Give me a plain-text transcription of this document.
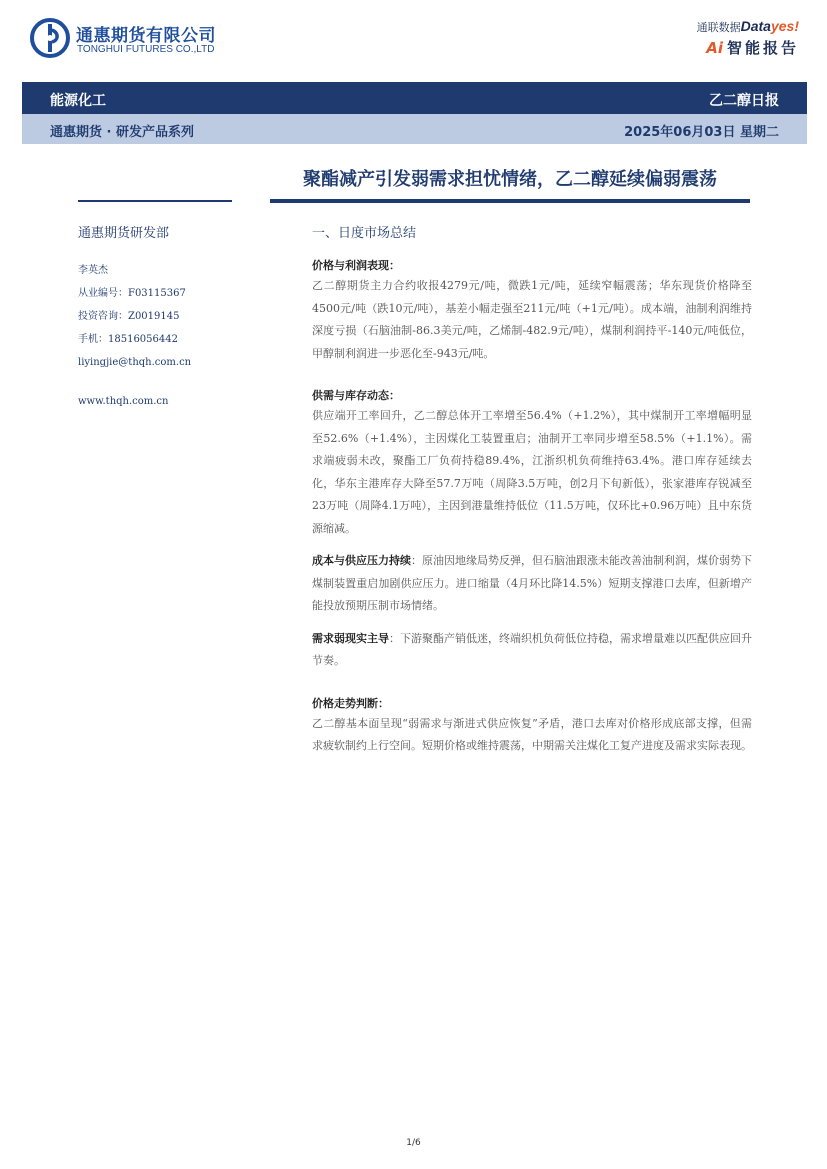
通惠期货有限公司
TONGHUI FUTURES CO.,LTD
通联数据Datayes!
Ai 智能报告
能源化工	乙二醇日报
通惠期货 · 研发产品系列	2025年06月03日 星期二
聚酯减产引发弱需求担忧情绪，乙二醇延续偏弱震荡
通惠期货研发部
李英杰
从业编号：F03115367
投资咨询：Z0019145
手机：18516056442
liyingjie@thqh.com.cn
www.thqh.com.cn
一、日度市场总结
价格与利润表现：

乙二醇期货主力合约收报4279元/吨，微跌1元/吨，延续窄幅震荡；华东现货价格降至4500元/吨（跌10元/吨），基差小幅走强至211元/吨（+1元/吨）。成本端，油制利润维持深度亏损（石脑油制-86.3美元/吨，乙烯制-482.9元/吨），煤制利润持平-140元/吨低位，甲醇制利润进一步恶化至-943元/吨。

供需与库存动态：

供应端开工率回升，乙二醇总体开工率增至56.4%（+1.2%），其中煤制开工率增幅明显至52.6%（+1.4%），主因煤化工装置重启；油制开工率同步增至58.5%（+1.1%）。需求端疲弱未改，聚酯工厂负荷持稳89.4%，江浙织机负荷维持63.4%。港口库存延续去化，华东主港库存大降至57.7万吨（周降3.5万吨，创2月下旬新低），张家港库存锐减至23万吨（周降4.1万吨），主因到港量维持低位（11.5万吨，仅环比+0.96万吨）且中东货源缩减。

成本与供应压力持续：原油因地缘局势反弹，但石脑油跟涨未能改善油制利润，煤价弱势下煤制装置重启加剧供应压力。进口缩量（4月环比降14.5%）短期支撑港口去库，但新增产能投放预期压制市场情绪。

需求弱现实主导：下游聚酯产销低迷，终端织机负荷低位持稳，需求增量难以匹配供应回升节奏。

价格走势判断：

乙二醇基本面呈现“弱需求与渐进式供应恢复”矛盾，港口去库对价格形成底部支撑，但需求疲软制约上行空间。短期价格或维持震荡，中期需关注煤化工复产进度及需求实际表现。

1/6
